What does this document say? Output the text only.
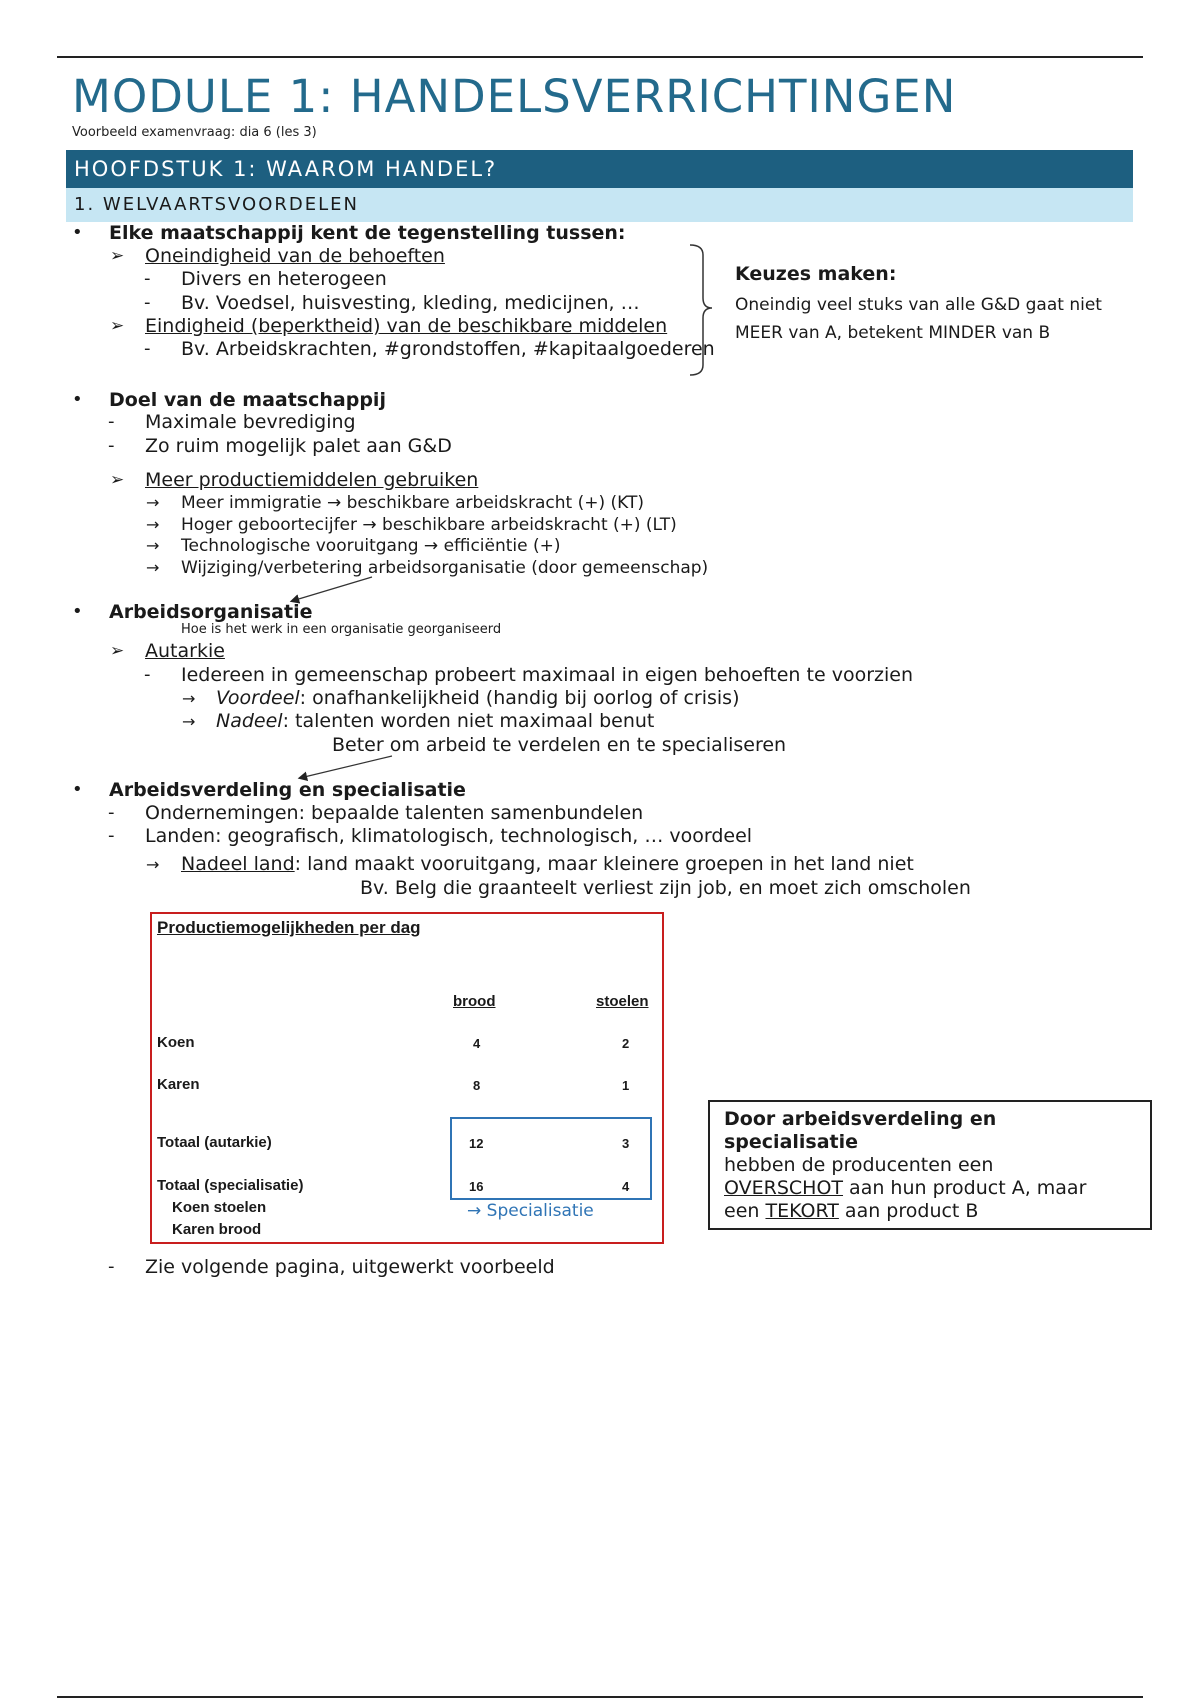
MODULE 1: HANDELSVERRICHTINGEN
Voorbeeld examenvraag: dia 6 (les 3)
HOOFDSTUK 1: WAAROM HANDEL?
1. WELVAARTSVOORDELEN
• Elke maatschappij kent de tegenstelling tussen:
➢ Oneindigheid van de behoeften
- Divers en heterogeen
- Bv. Voedsel, huisvesting, kleding, medicijnen, …
➢ Eindigheid (beperktheid) van de beschikbare middelen
- Bv. Arbeidskrachten, #grondstoffen, #kapitaalgoederen
Keuzes maken:
Oneindig veel stuks van alle G&D gaat niet
MEER van A, betekent MINDER van B
• Doel van de maatschappij
- Maximale bevrediging
- Zo ruim mogelijk palet aan G&D
➢ Meer productiemiddelen gebruiken
→ Meer immigratie → beschikbare arbeidskracht (+) (KT)
→ Hoger geboortecijfer → beschikbare arbeidskracht (+) (LT)
→ Technologische vooruitgang → efficiëntie (+)
→ Wijziging/verbetering arbeidsorganisatie (door gemeenschap)
• Arbeidsorganisatie
Hoe is het werk in een organisatie georganiseerd
➢ Autarkie
- Iedereen in gemeenschap probeert maximaal in eigen behoeften te voorzien
→ Voordeel: onafhankelijkheid (handig bij oorlog of crisis)
→ Nadeel: talenten worden niet maximaal benut
Beter om arbeid te verdelen en te specialiseren
• Arbeidsverdeling en specialisatie
- Ondernemingen: bepaalde talenten samenbundelen
- Landen: geografisch, klimatologisch, technologisch, … voordeel
→ Nadeel land: land maakt vooruitgang, maar kleinere groepen in het land niet
Bv. Belg die graanteelt verliest zijn job, en moet zich omscholen
Productiemogelijkheden per dag
brood	stoelen
Koen	4	2
Karen	8	1
Totaal (autarkie)	12	3
Totaal (specialisatie)	16	4
Koen stoelen
Karen brood
→ Specialisatie
Door arbeidsverdeling en
specialisatie
hebben de producenten een
OVERSCHOT aan hun product A, maar
een TEKORT aan product B
- Zie volgende pagina, uitgewerkt voorbeeld
